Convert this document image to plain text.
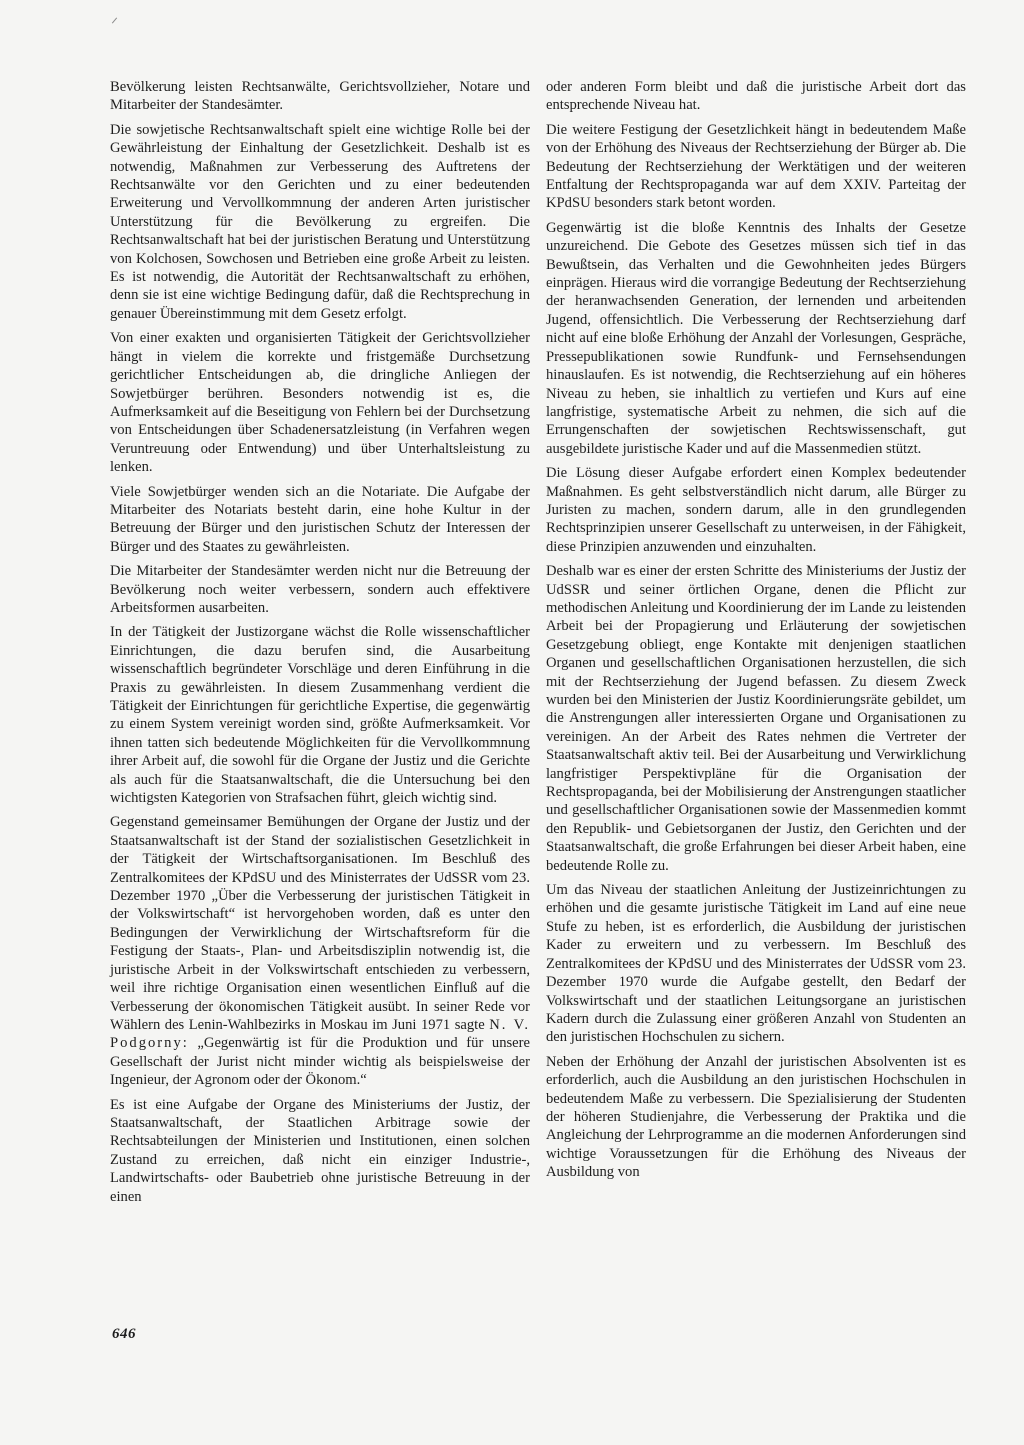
Bevölkerung leisten Rechtsanwälte, Gerichtsvollzieher, Notare und Mitarbeiter der Standesämter.

Die sowjetische Rechtsanwaltschaft spielt eine wichtige Rolle bei der Gewährleistung der Einhaltung der Gesetzlichkeit. Deshalb ist es notwendig, Maßnahmen zur Verbesserung des Auftretens der Rechtsanwälte vor den Gerichten und zu einer bedeutenden Erweiterung und Vervollkommnung der anderen Arten juristischer Unterstützung für die Bevölkerung zu ergreifen. Die Rechtsanwaltschaft hat bei der juristischen Beratung und Unterstützung von Kolchosen, Sowchosen und Betrieben eine große Arbeit zu leisten. Es ist notwendig, die Autorität der Rechtsanwaltschaft zu erhöhen, denn sie ist eine wichtige Bedingung dafür, daß die Rechtsprechung in genauer Übereinstimmung mit dem Gesetz erfolgt.

Von einer exakten und organisierten Tätigkeit der Gerichtsvollzieher hängt in vielem die korrekte und fristgemäße Durchsetzung gerichtlicher Entscheidungen ab, die dringliche Anliegen der Sowjetbürger berühren. Besonders notwendig ist es, die Aufmerksamkeit auf die Beseitigung von Fehlern bei der Durchsetzung von Entscheidungen über Schadenersatzleistung (in Verfahren wegen Veruntreuung oder Entwendung) und über Unterhaltsleistung zu lenken.

Viele Sowjetbürger wenden sich an die Notariate. Die Aufgabe der Mitarbeiter des Notariats besteht darin, eine hohe Kultur in der Betreuung der Bürger und den juristischen Schutz der Interessen der Bürger und des Staates zu gewährleisten.

Die Mitarbeiter der Standesämter werden nicht nur die Betreuung der Bevölkerung noch weiter verbessern, sondern auch effektivere Arbeitsformen ausarbeiten.

In der Tätigkeit der Justizorgane wächst die Rolle wissenschaftlicher Einrichtungen, die dazu berufen sind, die Ausarbeitung wissenschaftlich begründeter Vorschläge und deren Einführung in die Praxis zu gewährleisten. In diesem Zusammenhang verdient die Tätigkeit der Einrichtungen für gerichtliche Expertise, die gegenwärtig zu einem System vereinigt worden sind, größte Aufmerksamkeit. Vor ihnen tatten sich bedeutende Möglichkeiten für die Vervollkommnung ihrer Arbeit auf, die sowohl für die Organe der Justiz und die Gerichte als auch für die Staatsanwaltschaft, die die Untersuchung bei den wichtigsten Kategorien von Strafsachen führt, gleich wichtig sind.

Gegenstand gemeinsamer Bemühungen der Organe der Justiz und der Staatsanwaltschaft ist der Stand der sozialistischen Gesetzlichkeit in der Tätigkeit der Wirtschaftsorganisationen. Im Beschluß des Zentralkomitees der KPdSU und des Ministerrates der UdSSR vom 23. Dezember 1970 „Über die Verbesserung der juristischen Tätigkeit in der Volkswirtschaft“ ist hervorgehoben worden, daß es unter den Bedingungen der Verwirklichung der Wirtschaftsreform für die Festigung der Staats-, Plan- und Arbeitsdisziplin notwendig ist, die juristische Arbeit in der Volkswirtschaft entschieden zu verbessern, weil ihre richtige Organisation einen wesentlichen Einfluß auf die Verbesserung der ökonomischen Tätigkeit ausübt. In seiner Rede vor Wählern des Lenin-Wahlbezirks in Moskau im Juni 1971 sagte N. V. Podgorny: „Gegenwärtig ist für die Produktion und für unsere Gesellschaft der Jurist nicht minder wichtig als beispielsweise der Ingenieur, der Agronom oder der Ökonom.“

Es ist eine Aufgabe der Organe des Ministeriums der Justiz, der Staatsanwaltschaft, der Staatlichen Arbitrage sowie der Rechtsabteilungen der Ministerien und Institutionen, einen solchen Zustand zu erreichen, daß nicht ein einziger Industrie-, Landwirtschafts- oder Baubetrieb ohne juristische Betreuung in der einen

oder anderen Form bleibt und daß die juristische Arbeit dort das entsprechende Niveau hat.

Die weitere Festigung der Gesetzlichkeit hängt in bedeutendem Maße von der Erhöhung des Niveaus der Rechtserziehung der Bürger ab. Die Bedeutung der Rechtserziehung der Werktätigen und der weiteren Entfaltung der Rechtspropaganda war auf dem XXIV. Parteitag der KPdSU besonders stark betont worden.

Gegenwärtig ist die bloße Kenntnis des Inhalts der Gesetze unzureichend. Die Gebote des Gesetzes müssen sich tief in das Bewußtsein, das Verhalten und die Gewohnheiten jedes Bürgers einprägen. Hieraus wird die vorrangige Bedeutung der Rechtserziehung der heranwachsenden Generation, der lernenden und arbeitenden Jugend, offensichtlich. Die Verbesserung der Rechtserziehung darf nicht auf eine bloße Erhöhung der Anzahl der Vorlesungen, Gespräche, Pressepublikationen sowie Rundfunk- und Fernsehsendungen hinauslaufen. Es ist notwendig, die Rechtserziehung auf ein höheres Niveau zu heben, sie inhaltlich zu vertiefen und Kurs auf eine langfristige, systematische Arbeit zu nehmen, die sich auf die Errungenschaften der sowjetischen Rechtswissenschaft, gut ausgebildete juristische Kader und auf die Massenmedien stützt.

Die Lösung dieser Aufgabe erfordert einen Komplex bedeutender Maßnahmen. Es geht selbstverständlich nicht darum, alle Bürger zu Juristen zu machen, sondern darum, alle in den grundlegenden Rechtsprinzipien unserer Gesellschaft zu unterweisen, in der Fähigkeit, diese Prinzipien anzuwenden und einzuhalten.

Deshalb war es einer der ersten Schritte des Ministeriums der Justiz der UdSSR und seiner örtlichen Organe, denen die Pflicht zur methodischen Anleitung und Koordinierung der im Lande zu leistenden Arbeit bei der Propagierung und Erläuterung der sowjetischen Gesetzgebung obliegt, enge Kontakte mit denjenigen staatlichen Organen und gesellschaftlichen Organisationen herzustellen, die sich mit der Rechtserziehung der Jugend befassen. Zu diesem Zweck wurden bei den Ministerien der Justiz Koordinierungsräte gebildet, um die Anstrengungen aller interessierten Organe und Organisationen zu vereinigen. An der Arbeit des Rates nehmen die Vertreter der Staatsanwaltschaft aktiv teil. Bei der Ausarbeitung und Verwirklichung langfristiger Perspektivpläne für die Organisation der Rechtspropaganda, bei der Mobilisierung der Anstrengungen staatlicher und gesellschaftlicher Organisationen sowie der Massenmedien kommt den Republik- und Gebietsorganen der Justiz, den Gerichten und der Staatsanwaltschaft, die große Erfahrungen bei dieser Arbeit haben, eine bedeutende Rolle zu.

Um das Niveau der staatlichen Anleitung der Justizeinrichtungen zu erhöhen und die gesamte juristische Tätigkeit im Land auf eine neue Stufe zu heben, ist es erforderlich, die Ausbildung der juristischen Kader zu erweitern und zu verbessern. Im Beschluß des Zentralkomitees der KPdSU und des Ministerrates der UdSSR vom 23. Dezember 1970 wurde die Aufgabe gestellt, den Bedarf der Volkswirtschaft und der staatlichen Leitungsorgane an juristischen Kadern durch die Zulassung einer größeren Anzahl von Studenten an den juristischen Hochschulen zu sichern.

Neben der Erhöhung der Anzahl der juristischen Absolventen ist es erforderlich, auch die Ausbildung an den juristischen Hochschulen in bedeutendem Maße zu verbessern. Die Spezialisierung der Studenten der höheren Studienjahre, die Verbesserung der Praktika und die Angleichung der Lehrprogramme an die modernen Anforderungen sind wichtige Voraussetzungen für die Erhöhung des Niveaus der Ausbildung von

646
